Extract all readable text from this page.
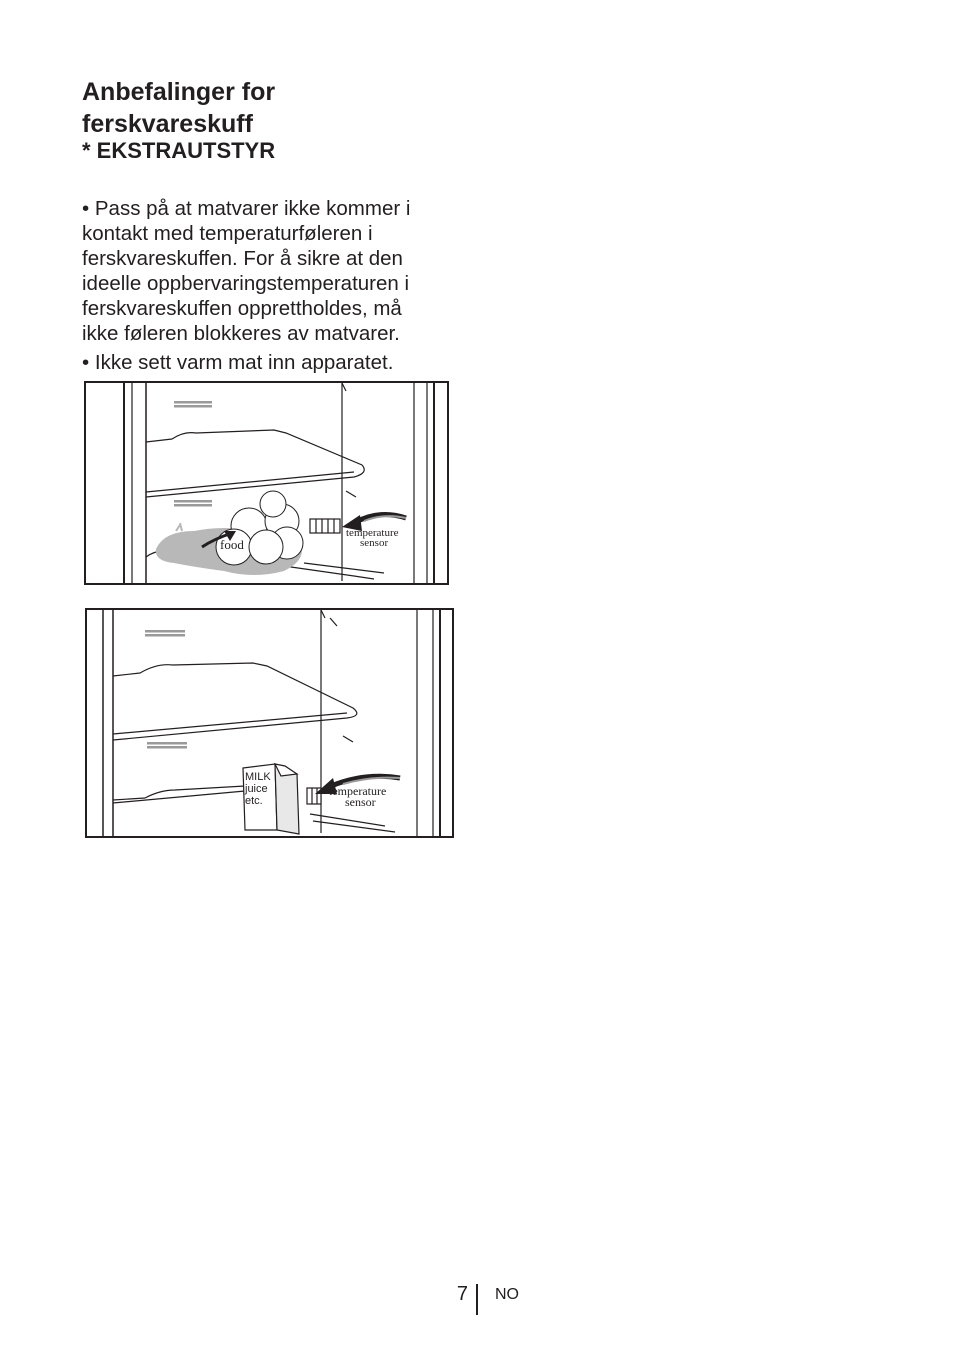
Anbefalinger for ferskvareskuff
* EKSTRAUTSTYR

• Pass på at matvarer ikke kommer i kontakt med temperaturføleren i ferskvareskuffen. For å sikre at den ideelle oppbervaringstemperaturen i ferskvareskuffen opprettholdes, må ikke føleren blokkeres av matvarer.

• Ikke sett varm mat inn apparatet.

food
temperature
sensor
MILK
juice
etc.
temperature
sensor
7 NO
